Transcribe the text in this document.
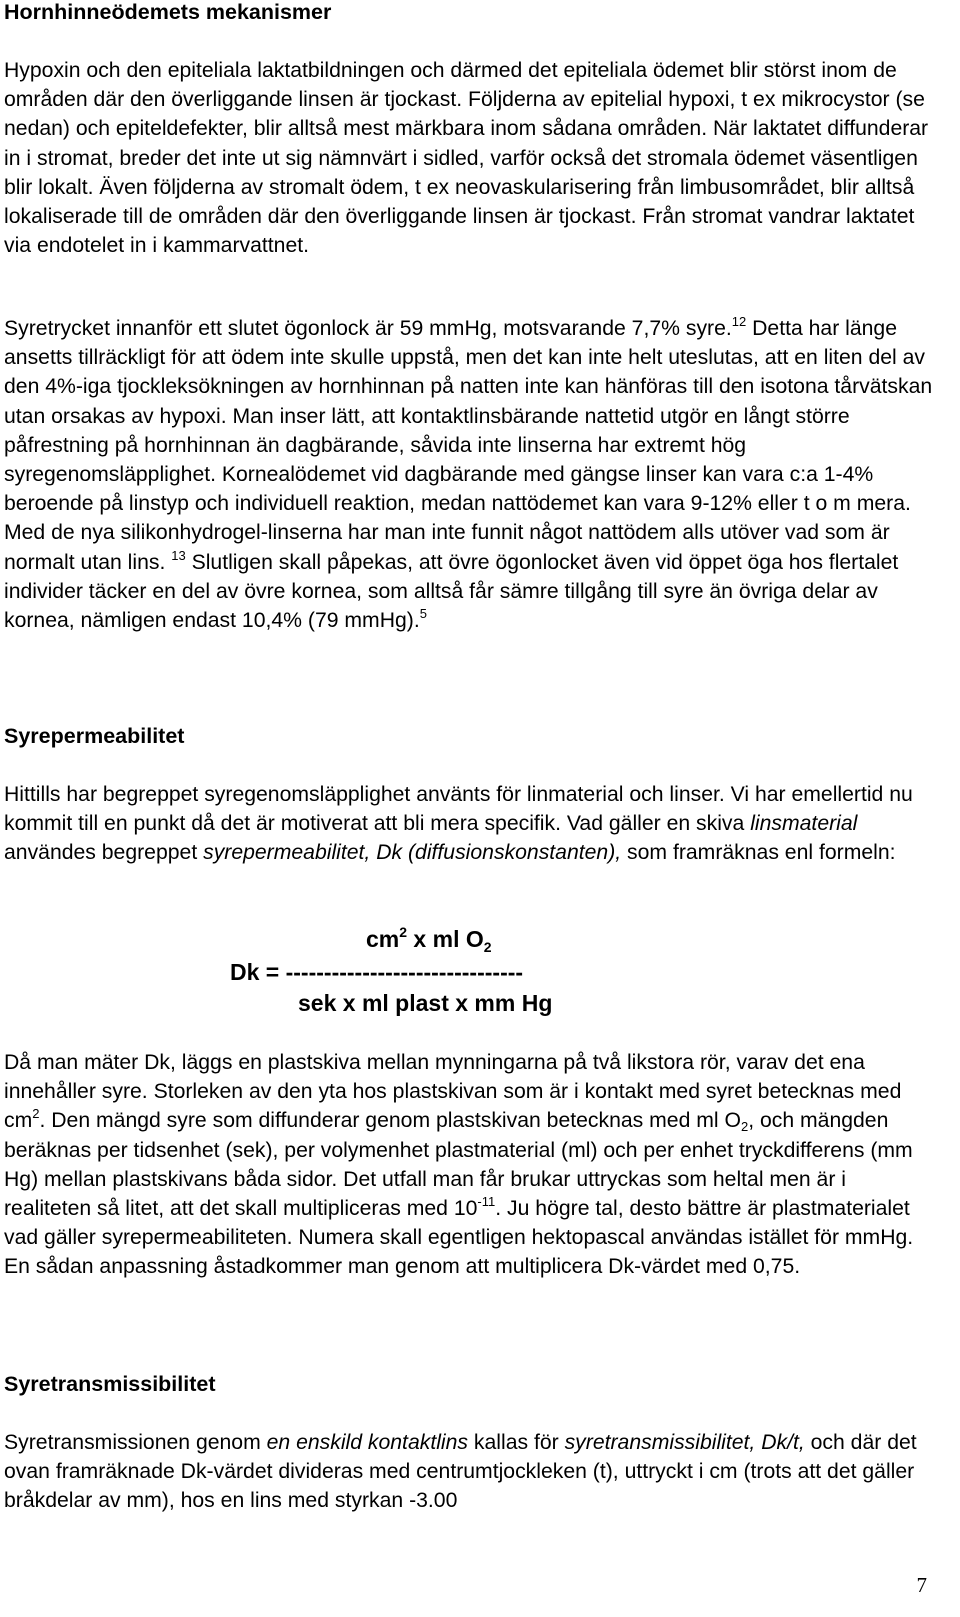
Hornhinneödemets mekanismer

Hypoxin och den epiteliala laktatbildningen och därmed det epiteliala ödemet blir störst inom de områden där den överliggande linsen är tjockast. Följderna av epitelial hypoxi, t ex mikrocystor (se nedan) och epiteldefekter, blir alltså mest märkbara inom sådana områden. När laktatet diffunderar in i stromat, breder det inte ut sig nämnvärt i sidled, varför också det stromala ödemet väsentligen blir lokalt. Även följderna av stromalt ödem, t ex neovaskularisering från limbusområdet, blir alltså lokaliserade till de områden där den överliggande linsen är tjockast. Från stromat vandrar laktatet via endotelet in i kammarvattnet.

Syretrycket innanför ett slutet ögonlock är 59 mmHg, motsvarande 7,7% syre.$^{12}$ Detta har länge ansetts tillräckligt för att ödem inte skulle uppstå, men det kan inte helt uteslutas, att en liten del av den 4%-iga tjockleksökningen av hornhinnan på natten inte kan hänföras till den isotona tårvätskan utan orsakas av hypoxi. Man inser lätt, att kontaktlinsbärande nattetid utgör en långt större påfrestning på hornhinnan än dagbärande, såvida inte linserna har extremt hög syregenomsläpplighet. Kornealödemet vid dagbärande med gängse linser kan vara c:a 1-4% beroende på linstyp och individuell reaktion, medan nattödemet kan vara 9-12% eller t o m mera. Med de nya silikonhydrogel-linserna har man inte funnit något nattödem alls utöver vad som är normalt utan lins. $^{13}$ Slutligen skall påpekas, att övre ögonlocket även vid öppet öga hos flertalet individer täcker en del av övre kornea, som alltså får sämre tillgång till syre än övriga delar av kornea, nämligen endast 10,4% (79 mmHg).$^5$

Syrepermeabilitet

Hittills har begreppet syregenomsläpplighet använts för linmaterial och linser. Vi har emellertid nu kommit till en punkt då det är motiverat att bli mera specifik. Vad gäller en skiva linsmaterial användes begreppet syrepermeabilitet, Dk (diffusionskonstanten), som framräknas enl formeln:

$cm^2$ x ml $O_2$
Dk = -------------------------------
sek x ml plast x mm Hg

Då man mäter Dk, läggs en plastskiva mellan mynningarna på två likstora rör, varav det ena innehåller syre. Storleken av den yta hos plastskivan som är i kontakt med syret betecknas med $cm^2$. Den mängd syre som diffunderar genom plastskivan betecknas med ml $O_2$, och mängden beräknas per tidsenhet (sek), per volymenhet plastmaterial (ml) och per enhet tryckdifferens (mm Hg) mellan plastskivans båda sidor. Det utfall man får brukar uttryckas som heltal men är i realiteten så litet, att det skall multipliceras med $10^{-11}$. Ju högre tal, desto bättre är plastmaterialet vad gäller syrepermeabiliteten. Numera skall egentligen hektopascal användas istället för mmHg. En sådan anpassning åstadkommer man genom att multiplicera Dk-värdet med 0,75.

Syretransmissibilitet

Syretransmissionen genom en enskild kontaktlins kallas för syretransmissibilitet, Dk/t, och där det ovan framräknade Dk-värdet divideras med centrumtjockleken (t), uttryckt i cm (trots att det gäller bråkdelar av mm), hos en lins med styrkan -3.00

7
